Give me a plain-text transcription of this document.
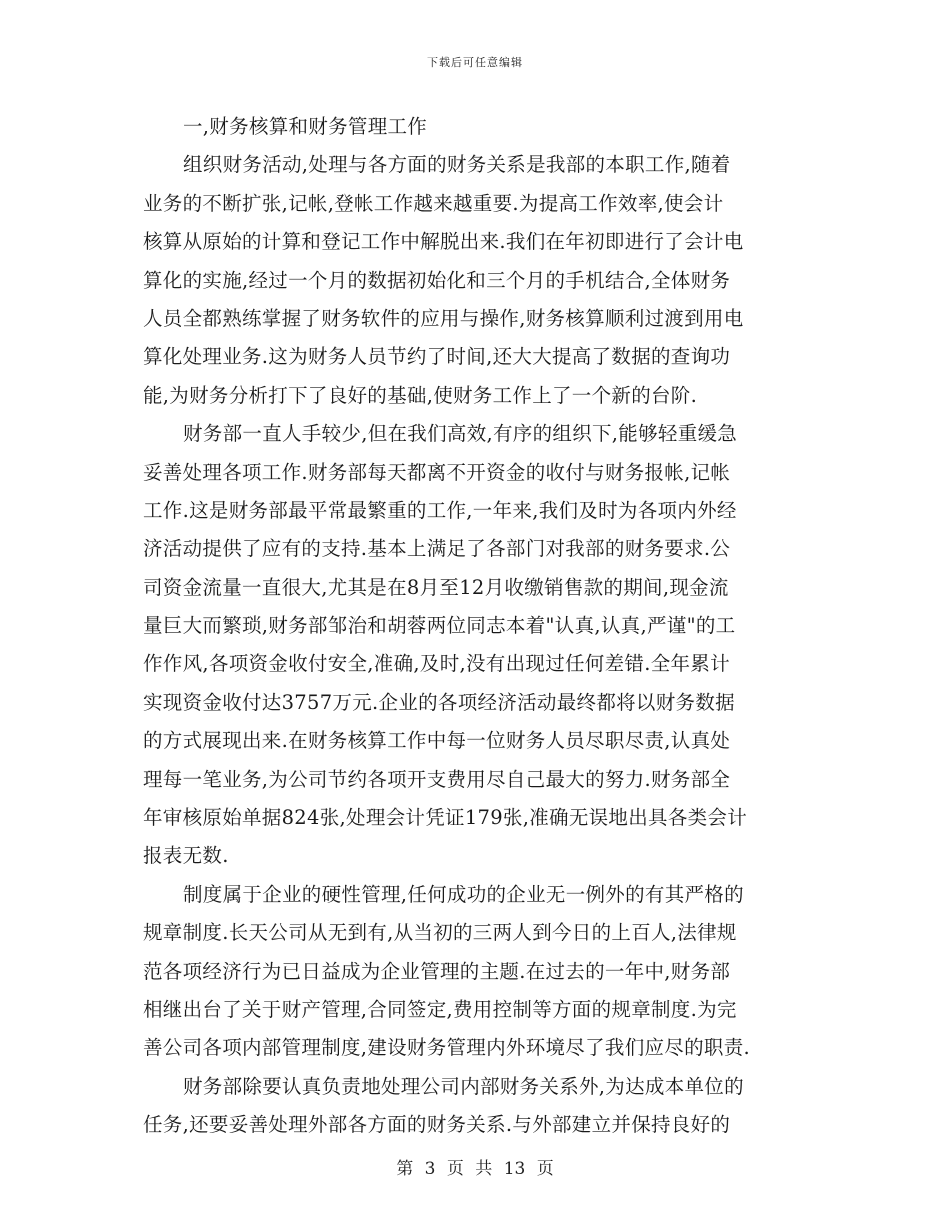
下载后可任意编辑
一,财务核算和财务管理工作
组织财务活动,处理与各方面的财务关系是我部的本职工作,随着
业务的不断扩张,记帐,登帐工作越来越重要.为提高工作效率,使会计
核算从原始的计算和登记工作中解脱出来.我们在年初即进行了会计电
算化的实施,经过一个月的数据初始化和三个月的手机结合,全体财务
人员全都熟练掌握了财务软件的应用与操作,财务核算顺利过渡到用电
算化处理业务.这为财务人员节约了时间,还大大提高了数据的查询功
能,为财务分析打下了良好的基础,使财务工作上了一个新的台阶.
财务部一直人手较少,但在我们高效,有序的组织下,能够轻重缓急
妥善处理各项工作.财务部每天都离不开资金的收付与财务报帐,记帐
工作.这是财务部最平常最繁重的工作,一年来,我们及时为各项内外经
济活动提供了应有的支持.基本上满足了各部门对我部的财务要求.公
司资金流量一直很大,尤其是在8月至12月收缴销售款的期间,现金流
量巨大而繁琐,财务部邹治和胡蓉两位同志本着"认真,认真,严谨"的工
作作风,各项资金收付安全,准确,及时,没有出现过任何差错.全年累计
实现资金收付达3757万元.企业的各项经济活动最终都将以财务数据
的方式展现出来.在财务核算工作中每一位财务人员尽职尽责,认真处
理每一笔业务,为公司节约各项开支费用尽自己最大的努力.财务部全
年审核原始单据824张,处理会计凭证179张,准确无误地出具各类会计
报表无数.
制度属于企业的硬性管理,任何成功的企业无一例外的有其严格的
规章制度.长天公司从无到有,从当初的三两人到今日的上百人,法律规
范各项经济行为已日益成为企业管理的主题.在过去的一年中,财务部
相继出台了关于财产管理,合同签定,费用控制等方面的规章制度.为完
善公司各项内部管理制度,建设财务管理内外环境尽了我们应尽的职责.
财务部除要认真负责地处理公司内部财务关系外,为达成本单位的
任务,还要妥善处理外部各方面的财务关系.与外部建立并保持良好的
第 3 页 共 13 页
